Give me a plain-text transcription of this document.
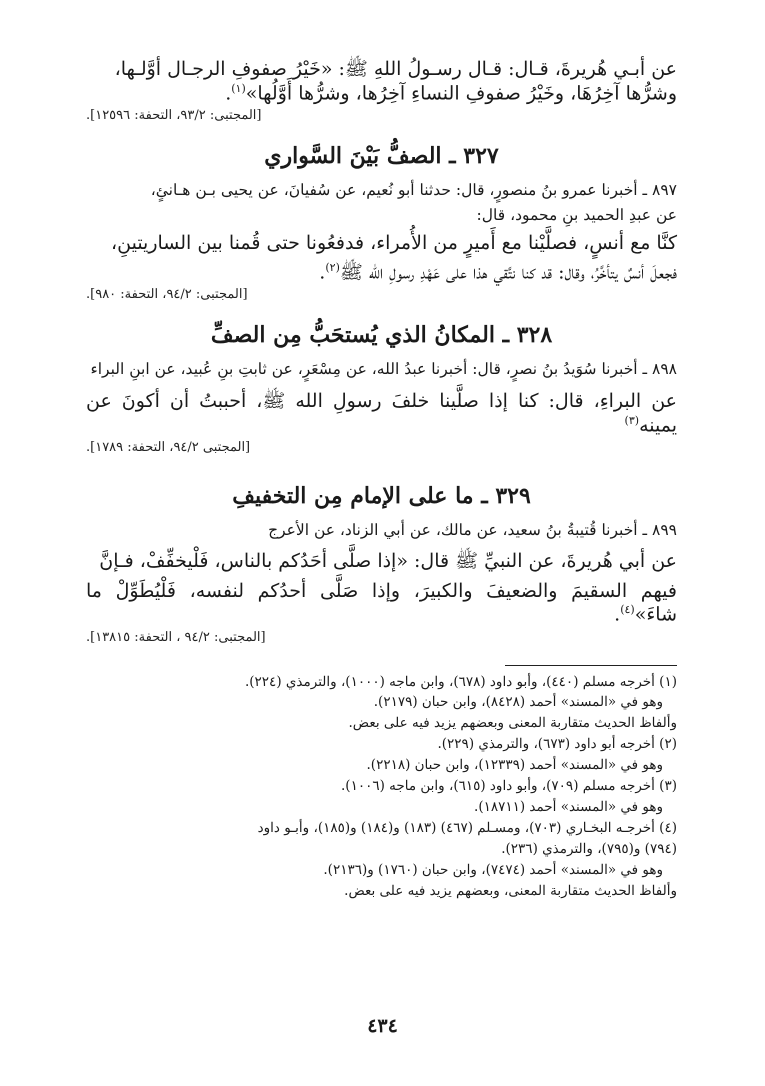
عن أبـي هُريرةَ، قـال: قـال رسـولُ اللهِ ﷺ: «خَيْرُ صفوفِ الرجـال أوَّلـها،
وشرُّها آخِرُهَا، وخَيْرُ صفوفِ النساءِ آخِرُها، وشرُّها أَوَّلُها»$^{(١)}$.
[المجتبى: ٩٣/٢، التحفة: ١٢٥٩٦].
٣٢٧ ـ الصفُّ بَيْنَ السَّواري
٨٩٧ ـ أخبرنا عمرو بنُ منصورٍ، قال: حدثنا أبو نُعيم، عن سُفيانَ، عن يحيى بـن هـانئٍ،
عن عبدِ الحميد بنِ محمود، قال:
كنَّا مع أنسٍ، فصلَّيْنا مع أَميرٍ من الأُمراء، فدفعُونا حتى قُمنا بين الساريتينِ،
فجعلَ أنسٌ يتأخَّرُ، وقال: قد كنا نتَّقي هذا على عَهْدِ رسولِ الله ﷺ$^{(٢)}$.
[المجتبى: ٩٤/٢، التحفة: ٩٨٠].
٣٢٨ ـ المكانُ الذي يُستحَبُّ مِن الصفِّ
٨٩٨ ـ أخبرنا سُوَيدُ بنُ نصرٍ، قال: أخبرنا عبدُ الله، عن مِسْعَرٍ، عن ثابتِ بنِ عُبيد، عن ابنِ البراء
عن البراءِ، قال: كنا إذا صلَّينا خلفَ رسولِ الله ﷺ، أحببتُ أن أكونَ عن يمينه$^{(٣)}$
[المجتبى ٩٤/٢، التحفة: ١٧٨٩].
٣٢٩ ـ ما على الإمام مِن التخفيفِ
٨٩٩ ـ أخبرنا قُتيبةُ بنُ سعيد، عن مالك، عن أبي الزناد، عن الأعرج
عن أبي هُريرةَ، عن النبيِّ ﷺ قال: «إذا صلَّى أحَدُكم بالناس، فَلْيخفِّفْ، فـإنَّ
فيهم السقيمَ والضعيفَ والكبيرَ، وإذا صَلَّى أحدُكم لنفسه، فَلْيُطَوِّلْ ما شاءَ»$^{(٤)}$.
[المجتبى: ٩٤/٢ ، التحفة: ١٣٨١٥].
(١) أخرجه مسلم (٤٤٠)، وأبو داود (٦٧٨)، وابن ماجه (١٠٠٠)، والترمذي (٢٢٤).
وهو في «المسند» أحمد (٨٤٢٨)، وابن حبان (٢١٧٩).
وألفاظ الحديث متقاربة المعنى وبعضهم يزيد فيه على بعض.
(٢) أخرجه أبو داود (٦٧٣)، والترمذي (٢٢٩).
وهو في «المسند» أحمد (١٢٣٣٩)، وابن حبان (٢٢١٨).
(٣) أخرجه مسلم (٧٠٩)، وأبو داود (٦١٥)، وابن ماجه (١٠٠٦).
وهو في «المسند» أحمد (١٨٧١١).
(٤) أخرجـه البخـاري (٧٠٣)، ومسـلم (٤٦٧) (١٨٣) و(١٨٤) و(١٨٥)، وأبـو داود
(٧٩٤) و(٧٩٥)، والترمذي (٢٣٦).
وهو في «المسند» أحمد (٧٤٧٤)، وابن حبان (١٧٦٠) و(٢١٣٦).
وألفاظ الحديث متقاربة المعنى، وبعضهم يزيد فيه على بعض.
٤٣٤
